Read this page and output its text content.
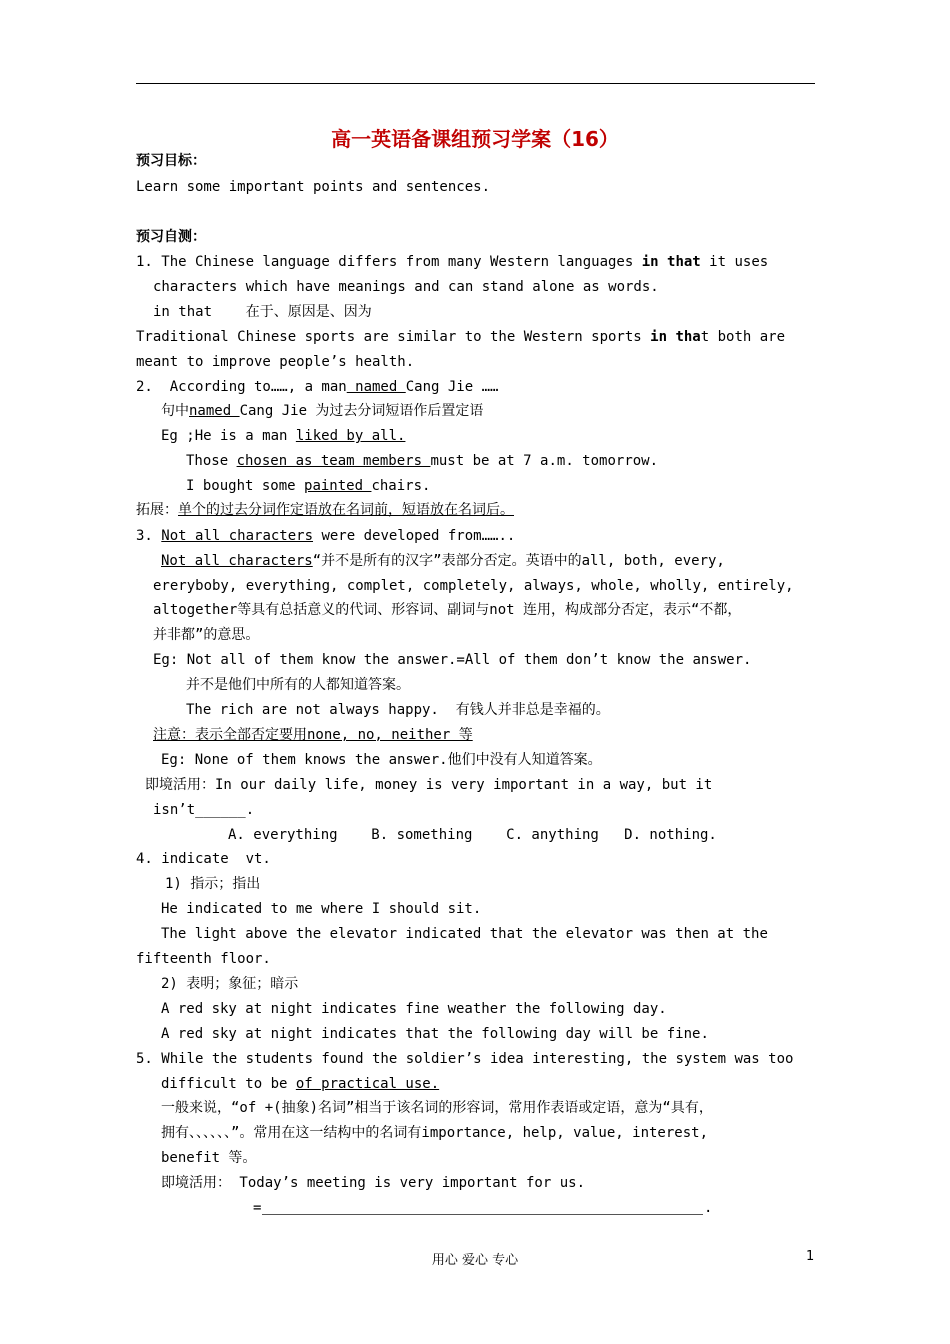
高一英语备课组预习学案（16）
预习目标：
Learn some important points and sentences.
预习自测：
1. The Chinese language differs from many Western languages in that it uses
characters which have meanings and can stand alone as words.
in that    在于、原因是、因为
Traditional Chinese sports are similar to the Western sports in that both are
meant to improve people’s health.
2.  According to……, a man named Cang Jie ……
句中named Cang Jie 为过去分词短语作后置定语
Eg ;He is a man liked by all.
Those chosen as team members must be at 7 a.m. tomorrow.
I bought some painted chairs.
拓展：单个的过去分词作定语放在名词前，短语放在名词后。
3. Not all characters were developed from……..
Not all characters“并不是所有的汉字”表部分否定。英语中的all, both, every,
ereryboby, everything, complet, completely, always, whole, wholly, entirely,
altogether等具有总括意义的代词、形容词、副词与not 连用，构成部分否定，表示“不都，
并非都”的意思。
Eg: Not all of them know the answer.=All of them don’t know the answer.
并不是他们中所有的人都知道答案。
The rich are not always happy.  有钱人并非总是幸福的。
注意：表示全部否定要用none, no, neither 等
Eg: None of them knows the answer.他们中没有人知道答案。
即境活用：In our daily life, money is very important in a way, but it
isn’t______.
A. everything    B. something    C. anything   D. nothing.
4. indicate  vt.
1) 指示；指出
He indicated to me where I should sit.
The light above the elevator indicated that the elevator was then at the
fifteenth floor.
2) 表明；象征；暗示
A red sky at night indicates fine weather the following day.
A red sky at night indicates that the following day will be fine.
5. While the students found the soldier’s idea interesting, the system was too
difficult to be of practical use.
一般来说，“of +(抽象)名词”相当于该名词的形容词，常用作表语或定语，意为“具有，
拥有、、、、、、”。常用在这一结构中的名词有importance, help, value, interest,
benefit 等。
即境活用： Today’s meeting is very important for us.
=	.
用心 爱心 专心	1
